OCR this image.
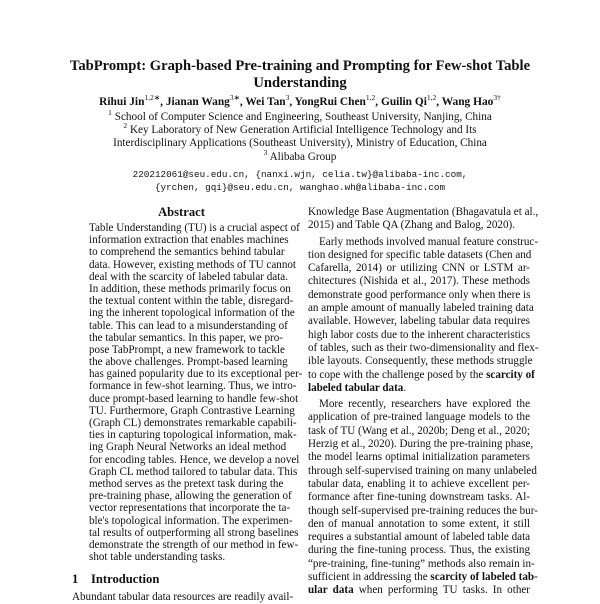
TabPrompt: Graph-based Pre-training and Prompting for Few-shot Table
Understanding
Rihui Jin$^{1,2∗}$, Jianan Wang$^{3∗}$, Wei Tan$^3$, YongRui Chen$^{1,2}$, Guilin Qi$^{1,2}$, Wang Hao$^{3\dagger}$
$^1$ School of Computer Science and Engineering, Southeast University, Nanjing, China
$^2$ Key Laboratory of New Generation Artificial Intelligence Technology and Its
Interdisciplinary Applications (Southeast University), Ministry of Education, China
$^3$ Alibaba Group
220212061@seu.edu.cn, {nanxi.wjn, celia.tw}@alibaba-inc.com,
{yrchen, gqi}@seu.edu.cn, wanghao.wh@alibaba-inc.com
Abstract
Table Understanding (TU) is a crucial aspect of
information extraction that enables machines
to comprehend the semantics behind tabular
data. However, existing methods of TU cannot
deal with the scarcity of labeled tabular data.
In addition, these methods primarily focus on
the textual content within the table, disregard-
ing the inherent topological information of the
table. This can lead to a misunderstanding of
the tabular semantics. In this paper, we pro-
pose TabPrompt, a new framework to tackle
the above challenges. Prompt-based learning
has gained popularity due to its exceptional per-
formance in few-shot learning. Thus, we intro-
duce prompt-based learning to handle few-shot
TU. Furthermore, Graph Contrastive Learning
(Graph CL) demonstrates remarkable capabili-
ties in capturing topological information, mak-
ing Graph Neural Networks an ideal method
for encoding tables. Hence, we develop a novel
Graph CL method tailored to tabular data. This
method serves as the pretext task during the
pre-training phase, allowing the generation of
vector representations that incorporate the ta-
ble's topological information. The experimen-
tal results of outperforming all strong baselines
demonstrate the strength of our method in few-
shot table understanding tasks.
1 Introduction
Abundant tabular data resources are readily avail-
Knowledge Base Augmentation (Bhagavatula et al.,
2015) and Table QA (Zhang and Balog, 2020).
Early methods involved manual feature construc-
tion designed for specific table datasets (Chen and
Cafarella, 2014) or utilizing CNN or LSTM ar-
chitectures (Nishida et al., 2017). These methods
demonstrate good performance only when there is
an ample amount of manually labeled training data
available. However, labeling tabular data requires
high labor costs due to the inherent characteristics
of tables, such as their two-dimensionality and flex-
ible layouts. Consequently, these methods struggle
to cope with the challenge posed by the scarcity of
labeled tabular data.
More recently, researchers have explored the
application of pre-trained language models to the
task of TU (Wang et al., 2020b; Deng et al., 2020;
Herzig et al., 2020). During the pre-training phase,
the model learns optimal initialization parameters
through self-supervised training on many unlabeled
tabular data, enabling it to achieve excellent per-
formance after fine-tuning downstream tasks. Al-
though self-supervised pre-training reduces the bur-
den of manual annotation to some extent, it still
requires a substantial amount of labeled table data
during the fine-tuning process. Thus, the existing
“pre-training, fine-tuning” methods also remain in-
sufficient in addressing the scarcity of labeled tab-
ular data when performing TU tasks. In other
